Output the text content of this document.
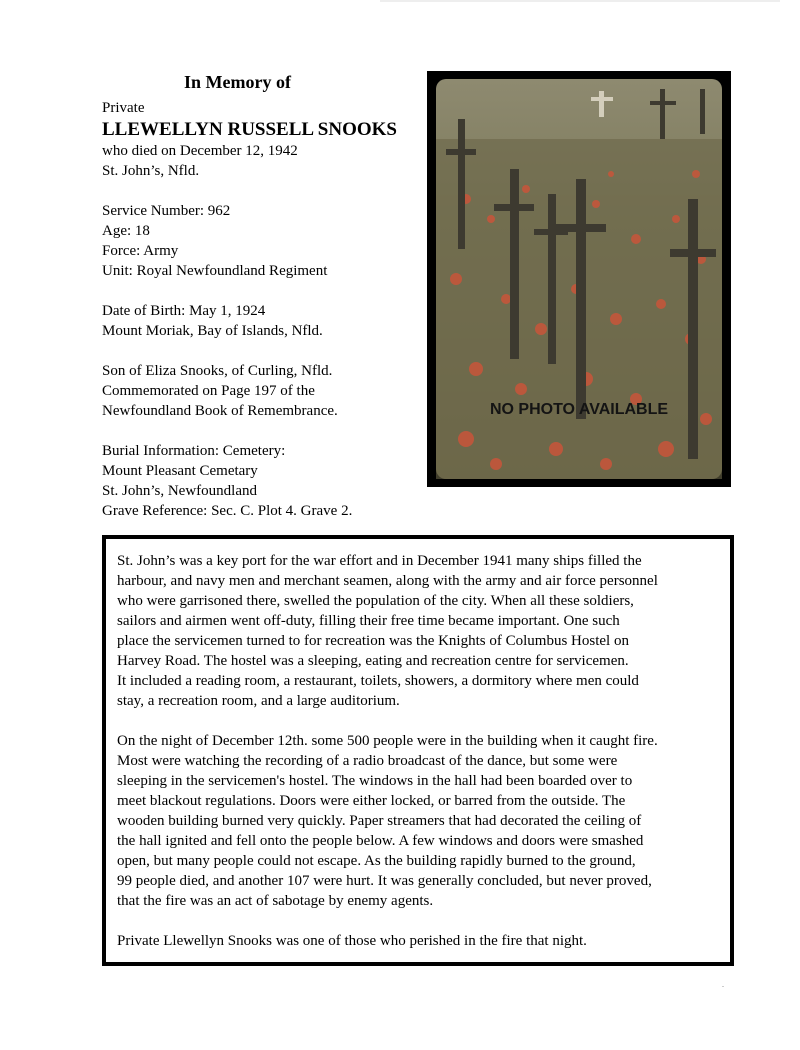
In Memory of
Private
LLEWELLYN RUSSELL SNOOKS
who died on December 12, 1942
St. John’s, Nfld.
Service Number: 962
Age: 18
Force: Army
Unit: Royal Newfoundland Regiment
Date of Birth: May 1, 1924
Mount Moriak, Bay of Islands, Nfld.
Son of Eliza Snooks, of Curling, Nfld.
Commemorated on Page 197 of the
Newfoundland Book of Remembrance.
Burial Information: Cemetery:
Mount Pleasant Cemetary
St. John’s, Newfoundland
Grave Reference: Sec. C. Plot 4. Grave 2.
NO PHOTO AVAILABLE

St. John’s was a key port for the war effort and in December 1941 many ships filled the
harbour, and navy men and merchant seamen, along with the army and air force personnel
who were garrisoned there, swelled the population of the city. When all these soldiers,
sailors and airmen went off-duty, filling their free time became important. One such
place the servicemen turned to for recreation was the Knights of Columbus Hostel on
Harvey Road. The hostel was a sleeping, eating and recreation centre for servicemen.
It included a reading room, a restaurant, toilets, showers, a dormitory where men could
stay, a recreation room, and a large auditorium.

On the night of December 12th. some 500 people were in the building when it caught fire.
Most were watching the recording of a radio broadcast of the dance, but some were
sleeping in the servicemen's hostel. The windows in the hall had been boarded over to
meet blackout regulations. Doors were either locked, or barred from the outside. The
wooden building burned very quickly. Paper streamers that had decorated the ceiling of
the hall ignited and fell onto the people below. A few windows and doors were smashed
open, but many people could not escape. As the building rapidly burned to the ground,
99 people died, and another 107 were hurt. It was generally concluded, but never proved,
that the fire was an act of sabotage by enemy agents.

Private Llewellyn Snooks was one of those who perished in the fire that night.
